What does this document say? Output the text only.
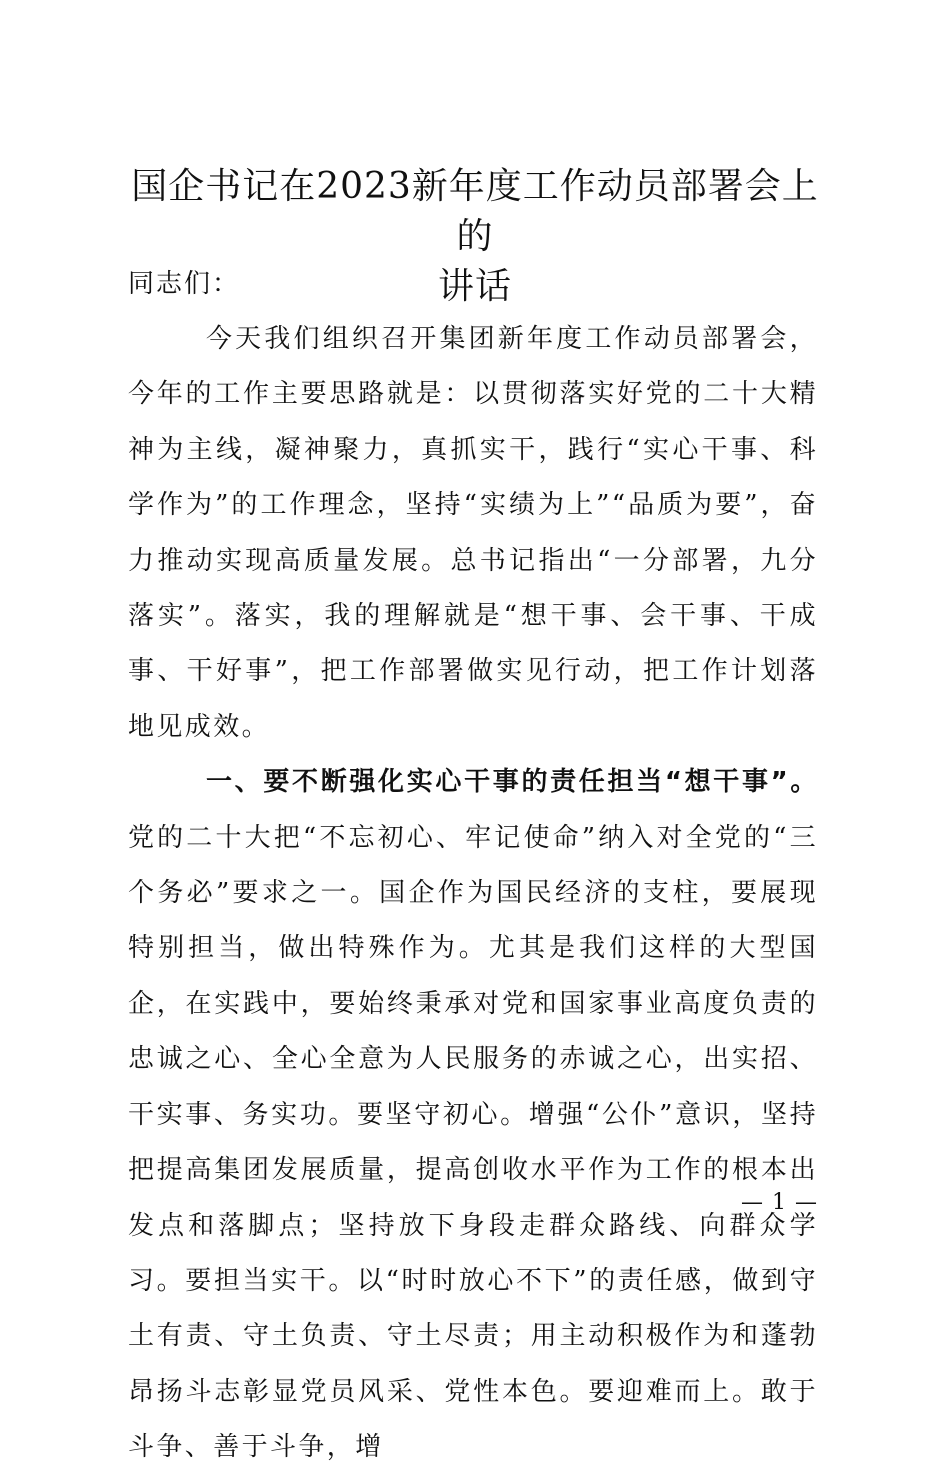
国企书记在2023新年度工作动员部署会上的
讲话
同志们：

今天我们组织召开集团新年度工作动员部署会，今年的工作主要思路就是：以贯彻落实好党的二十大精神为主线，凝神聚力，真抓实干，践行“实心干事、科学作为”的工作理念，坚持“实绩为上”“品质为要”，奋力推动实现高质量发展。总书记指出“一分部署，九分落实”。落实，我的理解就是“想干事、会干事、干成事、干好事”，把工作部署做实见行动，把工作计划落地见成效。

一、要不断强化实心干事的责任担当“想干事”。党的二十大把“不忘初心、牢记使命”纳入对全党的“三个务必”要求之一。国企作为国民经济的支柱，要展现特别担当，做出特殊作为。尤其是我们这样的大型国企，在实践中，要始终秉承对党和国家事业高度负责的忠诚之心、全心全意为人民服务的赤诚之心，出实招、干实事、务实功。要坚守初心。增强“公仆”意识，坚持把提高集团发展质量，提高创收水平作为工作的根本出发点和落脚点；坚持放下身段走群众路线、向群众学习。要担当实干。以“时时放心不下”的责任感，做到守土有责、守土负责、守土尽责；用主动积极作为和蓬勃昂扬斗志彰显党员风采、党性本色。要迎难而上。敢于斗争、善于斗争，增

— 1 —
